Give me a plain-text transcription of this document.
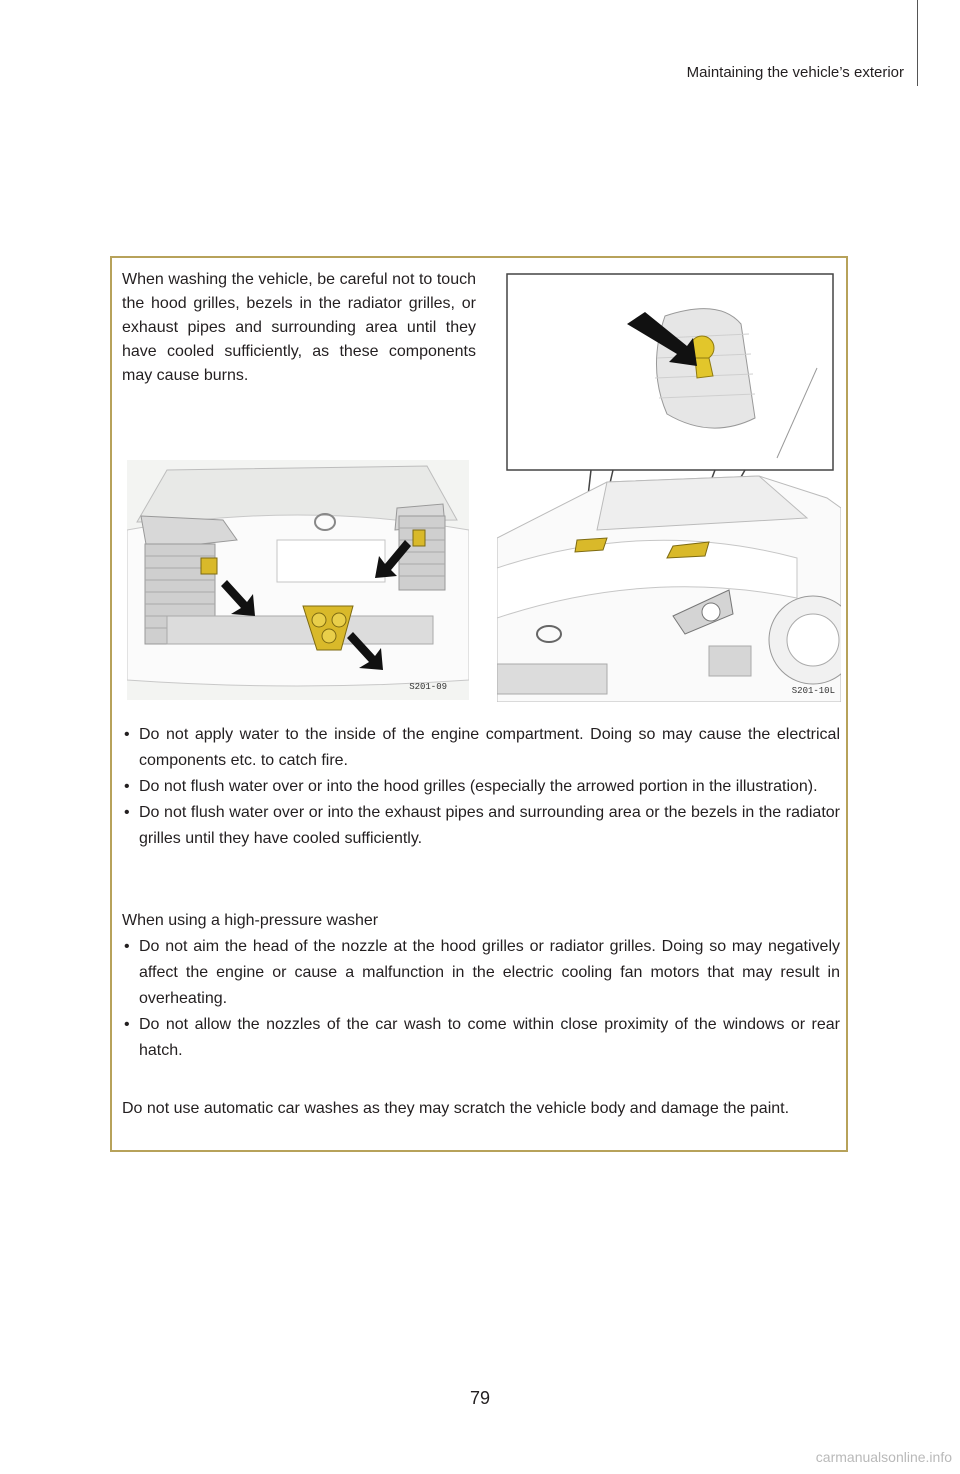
Maintaining the vehicle’s exterior
When washing the vehicle, be careful not to touch the hood grilles, bezels in the radiator grilles, or exhaust pipes and surrounding area until they have cooled sufficiently, as these components may cause burns.
S201-09	S201-10L
• Do not apply water to the inside of the engine compartment. Doing so may cause the electrical components etc. to catch fire.
• Do not flush water over or into the hood grilles (especially the arrowed portion in the illustration).
• Do not flush water over or into the exhaust pipes and surrounding area or the bezels in the radiator grilles until they have cooled sufficiently.
When using a high-pressure washer
• Do not aim the head of the nozzle at the hood grilles or radiator grilles. Doing so may negatively affect the engine or cause a malfunction in the electric cooling fan motors that may result in overheating.
• Do not allow the nozzles of the car wash to come within close proximity of the windows or rear hatch.
Do not use automatic car washes as they may scratch the vehicle body and damage the paint.
79
carmanualsonline.info
